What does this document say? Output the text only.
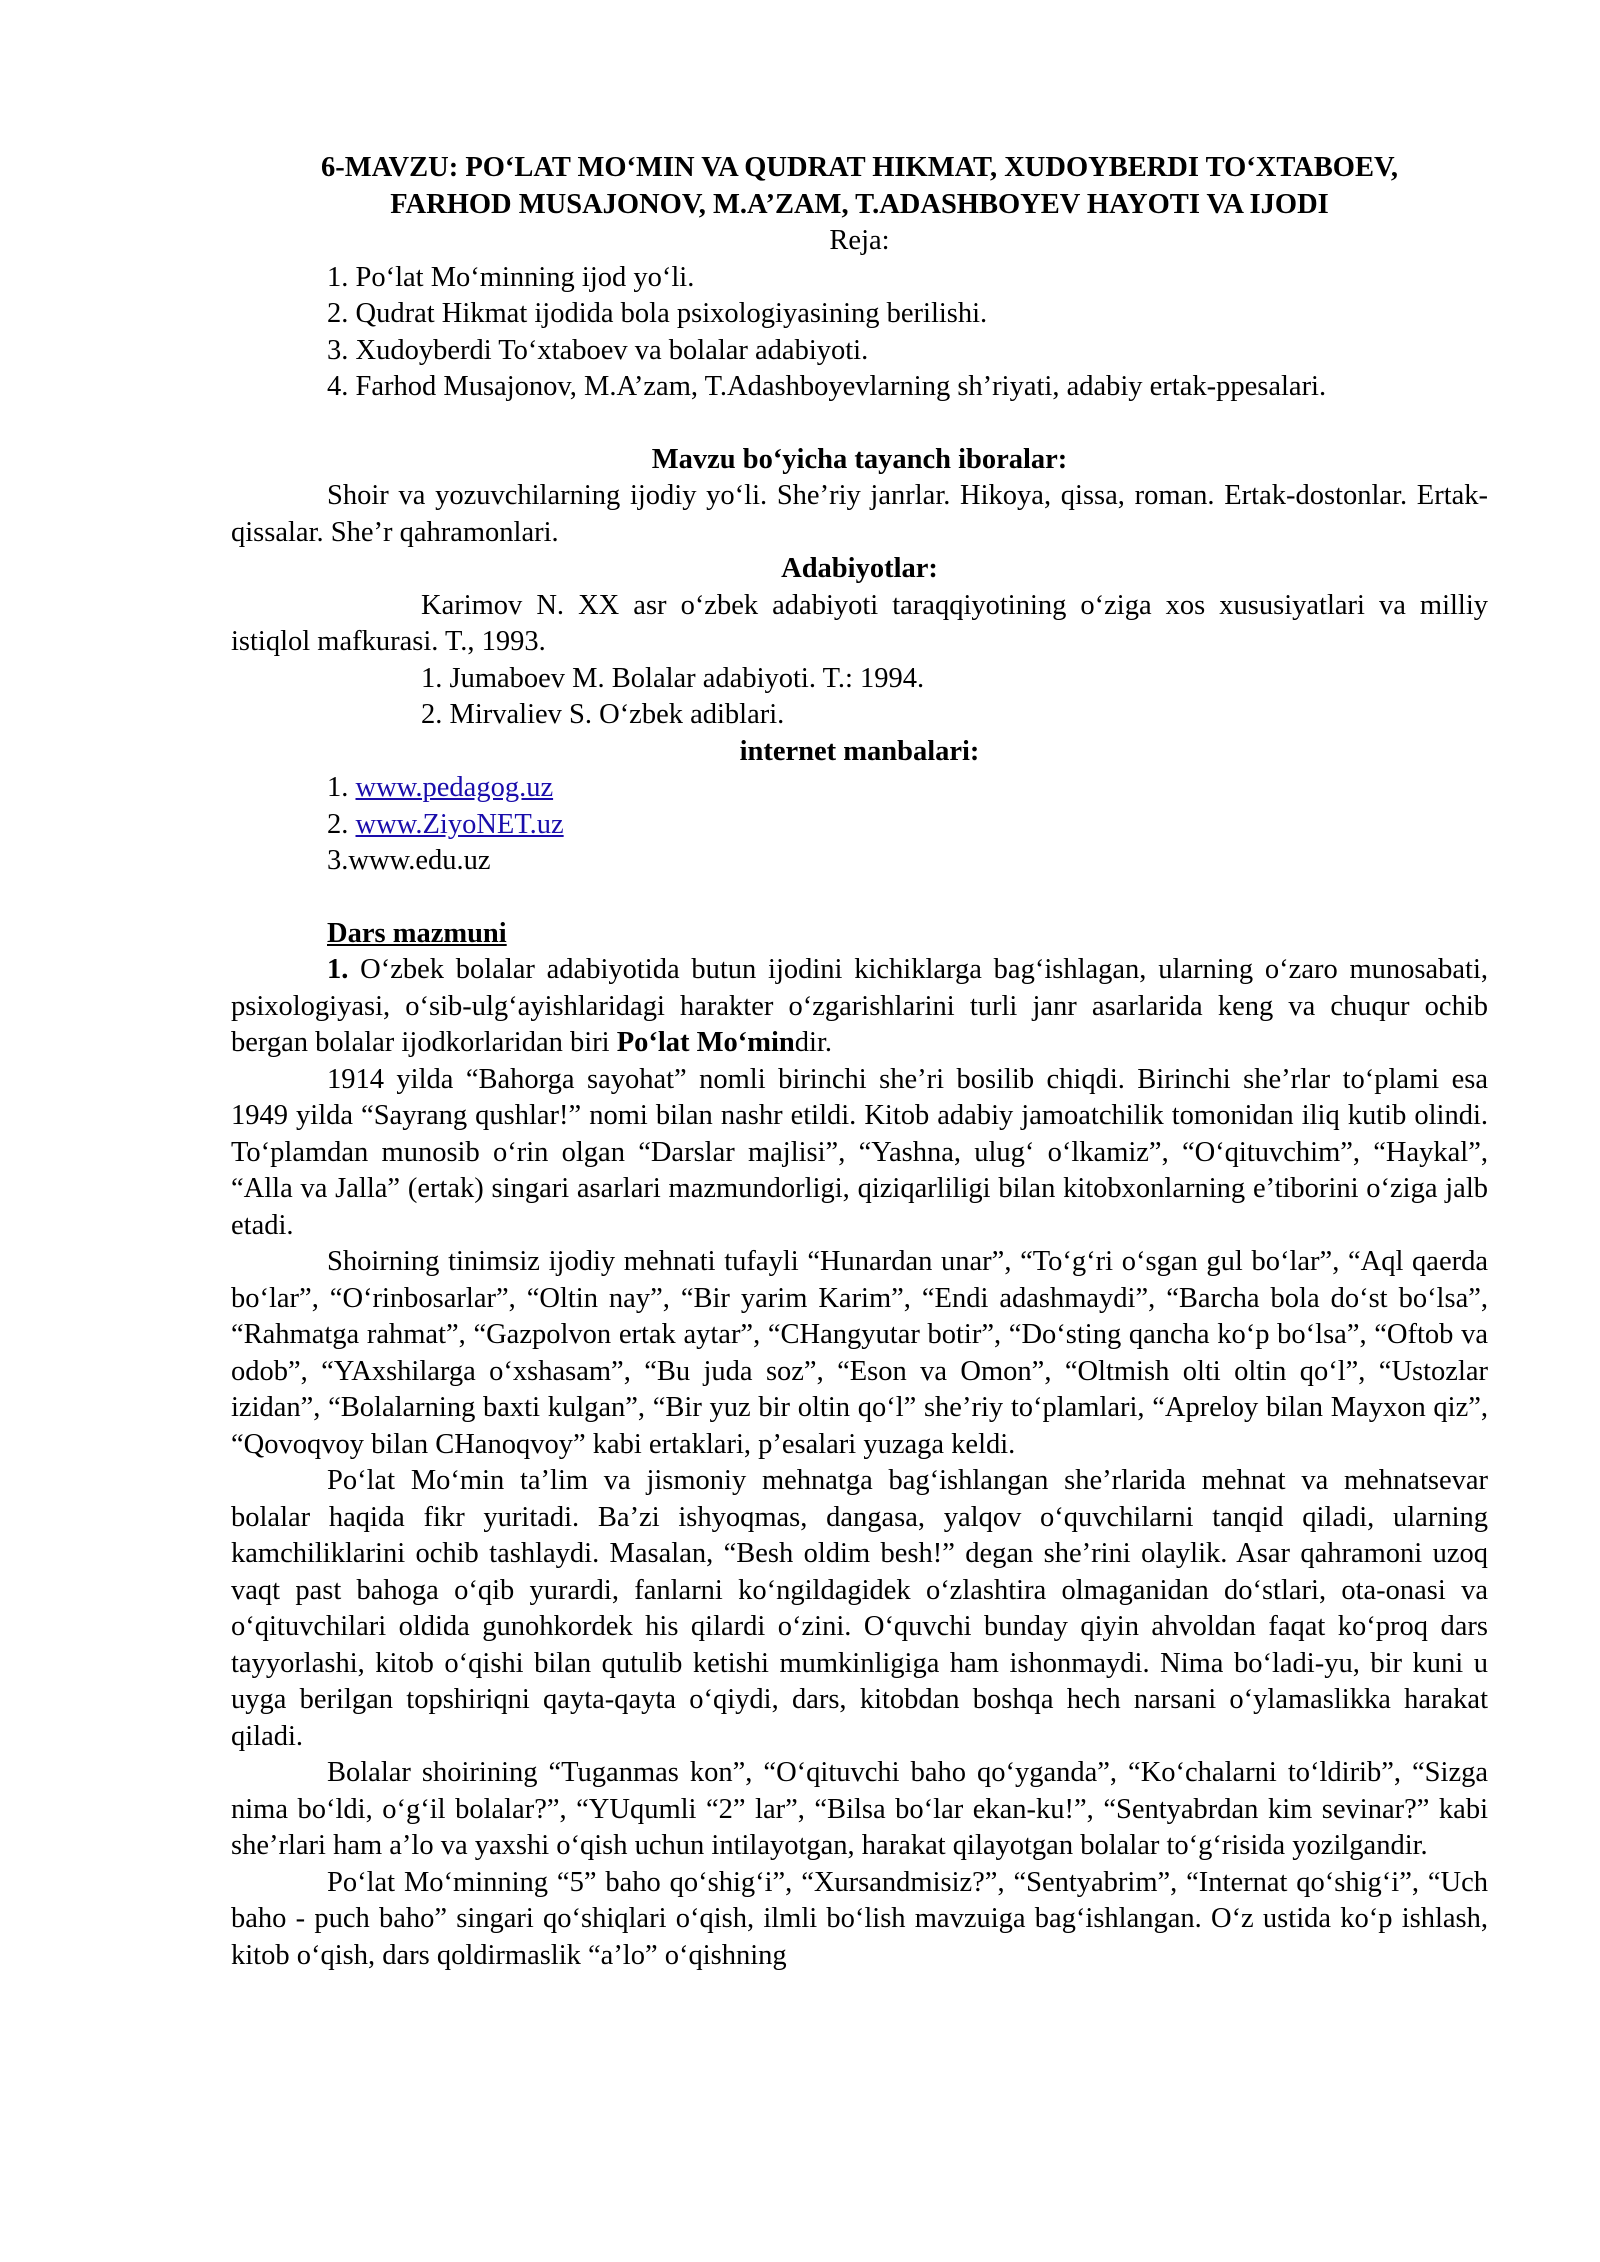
6-MAVZU: PO‘LAT MO‘MIN VA QUDRAT HIKMAT, XUDOYBERDI TO‘XTABOEV,
FARHOD MUSAJONOV, M.A’ZAM, T.ADASHBOYEV HAYOTI VA IJODI
Reja:
1. Po‘lat Mo‘minning ijod yo‘li.
2. Qudrat Hikmat ijodida bola psixologiyasining berilishi.
3. Xudoyberdi To‘xtaboev va bolalar adabiyoti.
4. Farhod Musajonov, M.A’zam, T.Adashboyevlarning sh’riyati, adabiy ertak-ppesalari.
Mavzu bo‘yicha tayanch iboralar:

Shoir va yozuvchilarning ijodiy yo‘li. She’riy janrlar. Hikoya, qissa, roman. Ertak-dostonlar. Ertak-qissalar. She’r qahramonlari.

Adabiyotlar:

Karimov N. XX asr o‘zbek adabiyoti taraqqiyotining o‘ziga xos xususiyatlari va milliy istiqlol mafkurasi. T., 1993.

1. Jumaboev M. Bolalar adabiyoti. T.: 1994.
2. Mirvaliev S. O‘zbek adiblari.
internet manbalari:
1. www.pedagog.uz
2. www.ZiyoNET.uz
3.www.edu.uz
Dars mazmuni

1. O‘zbek bolalar adabiyotida butun ijodini kichiklarga bag‘ishlagan, ularning o‘zaro munosabati, psixologiyasi, o‘sib-ulg‘ayishlaridagi harakter o‘zgarishlarini turli janr asarlarida keng va chuqur ochib bergan bolalar ijodkorlaridan biri Po‘lat Mo‘mindir.

1914 yilda “Bahorga sayohat” nomli birinchi she’ri bosilib chiqdi. Birinchi she’rlar to‘plami esa 1949 yilda “Sayrang qushlar!” nomi bilan nashr etildi. Kitob adabiy jamoatchilik tomonidan iliq kutib olindi. To‘plamdan munosib o‘rin olgan “Darslar majlisi”, “Yashna, ulug‘ o‘lkamiz”, “O‘qituvchim”, “Haykal”, “Alla va Jalla” (ertak) singari asarlari mazmundorligi, qiziqarliligi bilan kitobxonlarning e’tiborini o‘ziga jalb etadi.

Shoirning tinimsiz ijodiy mehnati tufayli “Hunardan unar”, “To‘g‘ri o‘sgan gul bo‘lar”, “Aql qaerda bo‘lar”, “O‘rinbosarlar”, “Oltin nay”, “Bir yarim Karim”, “Endi adashmaydi”, “Barcha bola do‘st bo‘lsa”, “Rahmatga rahmat”, “Gazpolvon ertak aytar”, “CHangyutar botir”, “Do‘sting qancha ko‘p bo‘lsa”, “Oftob va odob”, “YAxshilarga o‘xshasam”, “Bu juda soz”, “Eson va Omon”, “Oltmish olti oltin qo‘l”, “Ustozlar izidan”, “Bolalarning baxti kulgan”, “Bir yuz bir oltin qo‘l” she’riy to‘plamlari, “Apreloy bilan Mayxon qiz”, “Qovoqvoy bilan CHanoqvoy” kabi ertaklari, p’esalari yuzaga keldi.

Po‘lat Mo‘min ta’lim va jismoniy mehnatga bag‘ishlangan she’rlarida mehnat va mehnatsevar bolalar haqida fikr yuritadi. Ba’zi ishyoqmas, dangasa, yalqov o‘quvchilarni tanqid qiladi, ularning kamchiliklarini ochib tashlaydi. Masalan, “Besh oldim besh!” degan she’rini olaylik. Asar qahramoni uzoq vaqt past bahoga o‘qib yurardi, fanlarni ko‘ngildagidek o‘zlashtira olmaganidan do‘stlari, ota-onasi va o‘qituvchilari oldida gunohkordek his qilardi o‘zini. O‘quvchi bunday qiyin ahvoldan faqat ko‘proq dars tayyorlashi, kitob o‘qishi bilan qutulib ketishi mumkinligiga ham ishonmaydi. Nima bo‘ladi-yu, bir kuni u uyga berilgan topshiriqni qayta-qayta o‘qiydi, dars, kitobdan boshqa hech narsani o‘ylamaslikka harakat qiladi.

Bolalar shoirining “Tuganmas kon”, “O‘qituvchi baho qo‘yganda”, “Ko‘chalarni to‘ldirib”, “Sizga nima bo‘ldi, o‘g‘il bolalar?”, “YUqumli “2” lar”, “Bilsa bo‘lar ekan-ku!”, “Sentyabrdan kim sevinar?” kabi she’rlari ham a’lo va yaxshi o‘qish uchun intilayotgan, harakat qilayotgan bolalar to‘g‘risida yozilgandir.

Po‘lat Mo‘minning “5” baho qo‘shig‘i”, “Xursandmisiz?”, “Sentyabrim”, “Internat qo‘shig‘i”, “Uch baho - puch baho” singari qo‘shiqlari o‘qish, ilmli bo‘lish mavzuiga bag‘ishlangan. O‘z ustida ko‘p ishlash, kitob o‘qish, dars qoldirmaslik “a’lo” o‘qishning
